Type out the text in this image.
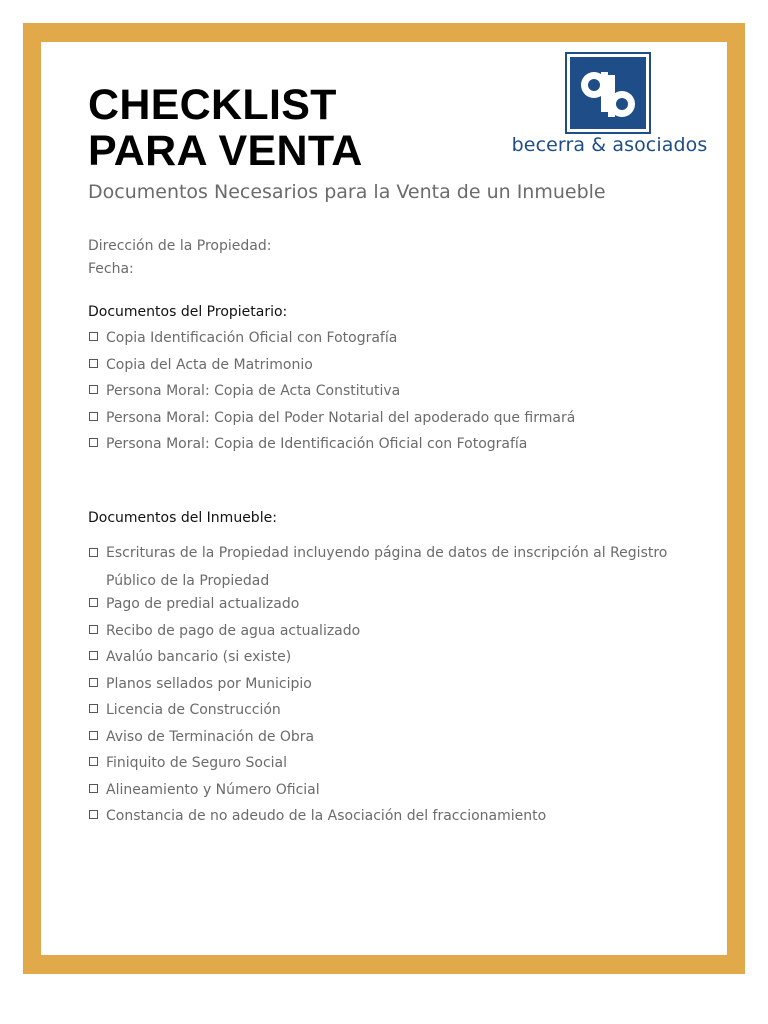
CHECKLIST
PARA VENTA	becerra & asociados
Documentos Necesarios para la Venta de un Inmueble
Dirección de la Propiedad:
Fecha:
Documentos del Propietario:
Copia Identificación Oficial con Fotografía
Copia del Acta de Matrimonio
Persona Moral: Copia de Acta Constitutiva
Persona Moral: Copia del Poder Notarial del apoderado que firmará
Persona Moral: Copia de Identificación Oficial con Fotografía
Documentos del Inmueble:
Escrituras de la Propiedad incluyendo página de datos de inscripción al Registro Público de la Propiedad
Pago de predial actualizado
Recibo de pago de agua actualizado
Avalúo bancario (si existe)
Planos sellados por Municipio
Licencia de Construcción
Aviso de Terminación de Obra
Finiquito de Seguro Social
Alineamiento y Número Oficial
Constancia de no adeudo de la Asociación del fraccionamiento
